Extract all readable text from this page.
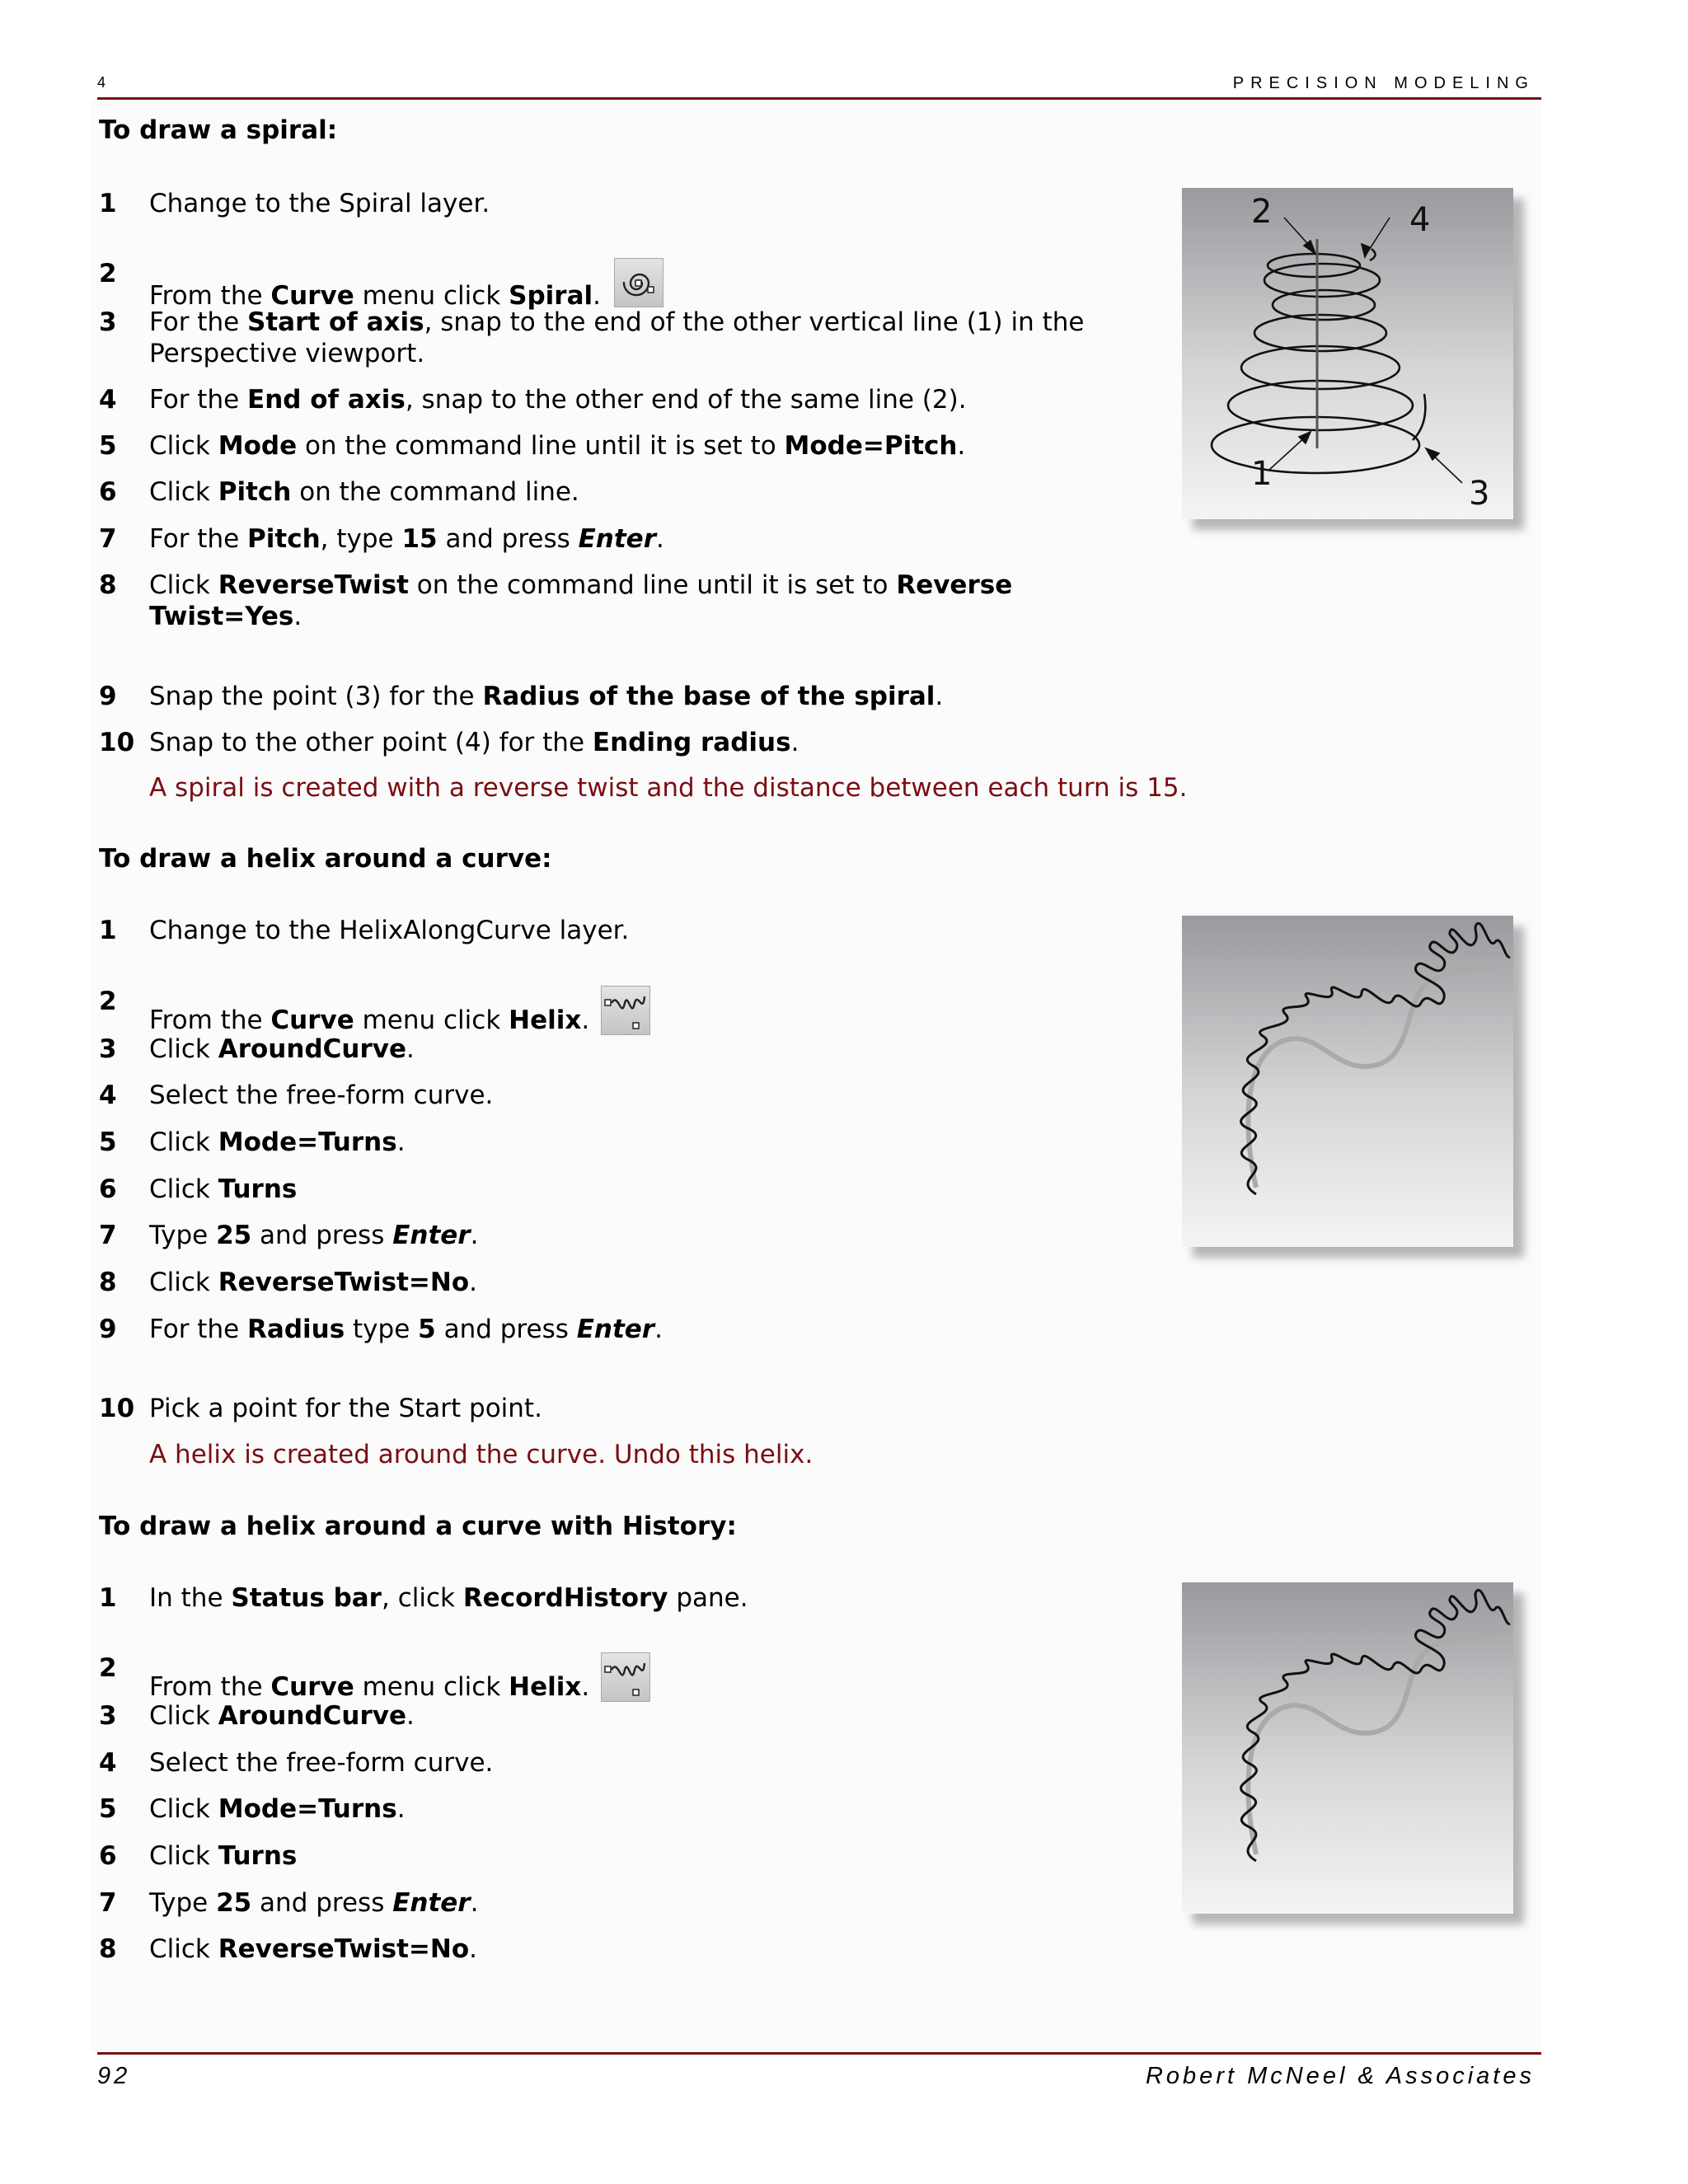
4	PRECISION MODELING
To draw a spiral:
1 Change to the Spiral layer.
2
From the Curve menu click Spiral.
3 For the Start of axis, snap to the end of the other vertical line (1) in the Perspective viewport.
4 For the End of axis, snap to the other end of the same line (2).
5 Click Mode on the command line until it is set to Mode=Pitch.
6 Click Pitch on the command line.
7 For the Pitch, type 15 and press Enter.
8 Click ReverseTwist on the command line until it is set to Reverse Twist=Yes.
9 Snap the point (3) for the Radius of the base of the spiral.
10 Snap to the other point (4) for the Ending radius.
A spiral is created with a reverse twist and the distance between each turn is 15.
2	4
1
3
To draw a helix around a curve:
1 Change to the HelixAlongCurve layer.
2
From the Curve menu click Helix.
3 Click AroundCurve.
4 Select the free-form curve.
5 Click Mode=Turns.
6 Click Turns
7 Type 25 and press Enter.
8 Click ReverseTwist=No.
9 For the Radius type 5 and press Enter.
10 Pick a point for the Start point.
A helix is created around the curve. Undo this helix.
To draw a helix around a curve with History:
1 In the Status bar, click RecordHistory pane.
2
From the Curve menu click Helix.
3 Click AroundCurve.
4 Select the free-form curve.
5 Click Mode=Turns.
6 Click Turns
7 Type 25 and press Enter.
8 Click ReverseTwist=No.
92	Robert McNeel & Associates
